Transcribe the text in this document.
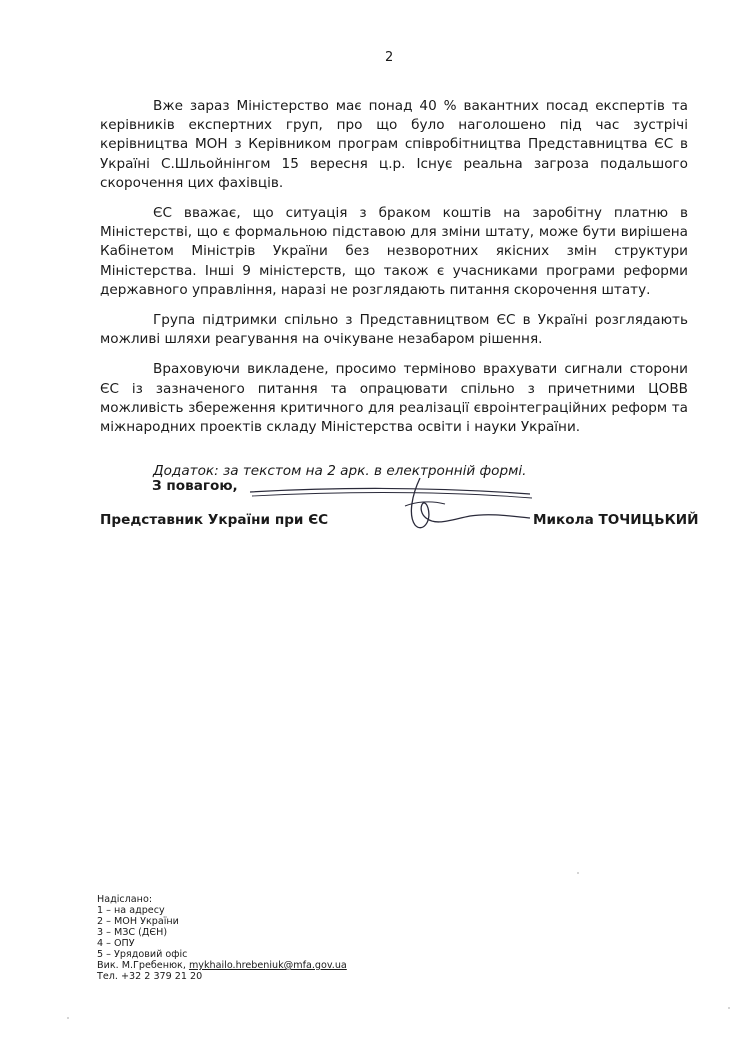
2

Вже зараз Міністерство має понад 40 % вакантних посад експертів та керівників експертних груп, про що було наголошено під час зустрічі керівництва МОН з Керівником програм співробітництва Представництва ЄС в Україні С.Шльойнінгом 15 вересня ц.р. Існує реальна загроза подальшого скорочення цих фахівців.

ЄС вважає, що ситуація з браком коштів на заробітну платню в Міністерстві, що є формальною підставою для зміни штату, може бути вирішена Кабінетом Міністрів України без незворотних якісних змін структури Міністерства. Інші 9 міністерств, що також є учасниками програми реформи державного управління, наразі не розглядають питання скорочення штату.

Група підтримки спільно з Представництвом ЄС в Україні розглядають можливі шляхи реагування на очікуване незабаром рішення.

Враховуючи викладене, просимо терміново врахувати сигнали сторони ЄС із зазначеного питання та опрацювати спільно з причетними ЦОВВ можливість збереження критичного для реалізації євроінтеграційних реформ та міжнародних проектів складу Міністерства освіти і науки України.

Додаток: за текстом на 2 арк. в електронній формі.

З повагою,
Представник України при ЄС	Микола ТОЧИЦЬКИЙ
Надіслано:
1 – на адресу
2 – МОН України
3 – МЗС (ДЄН)
4 – ОПУ
5 – Урядовий офіс
Вик. М.Гребенюк, mykhailo.hrebeniuk@mfa.gov.ua
Тел. +32 2 379 21 20
